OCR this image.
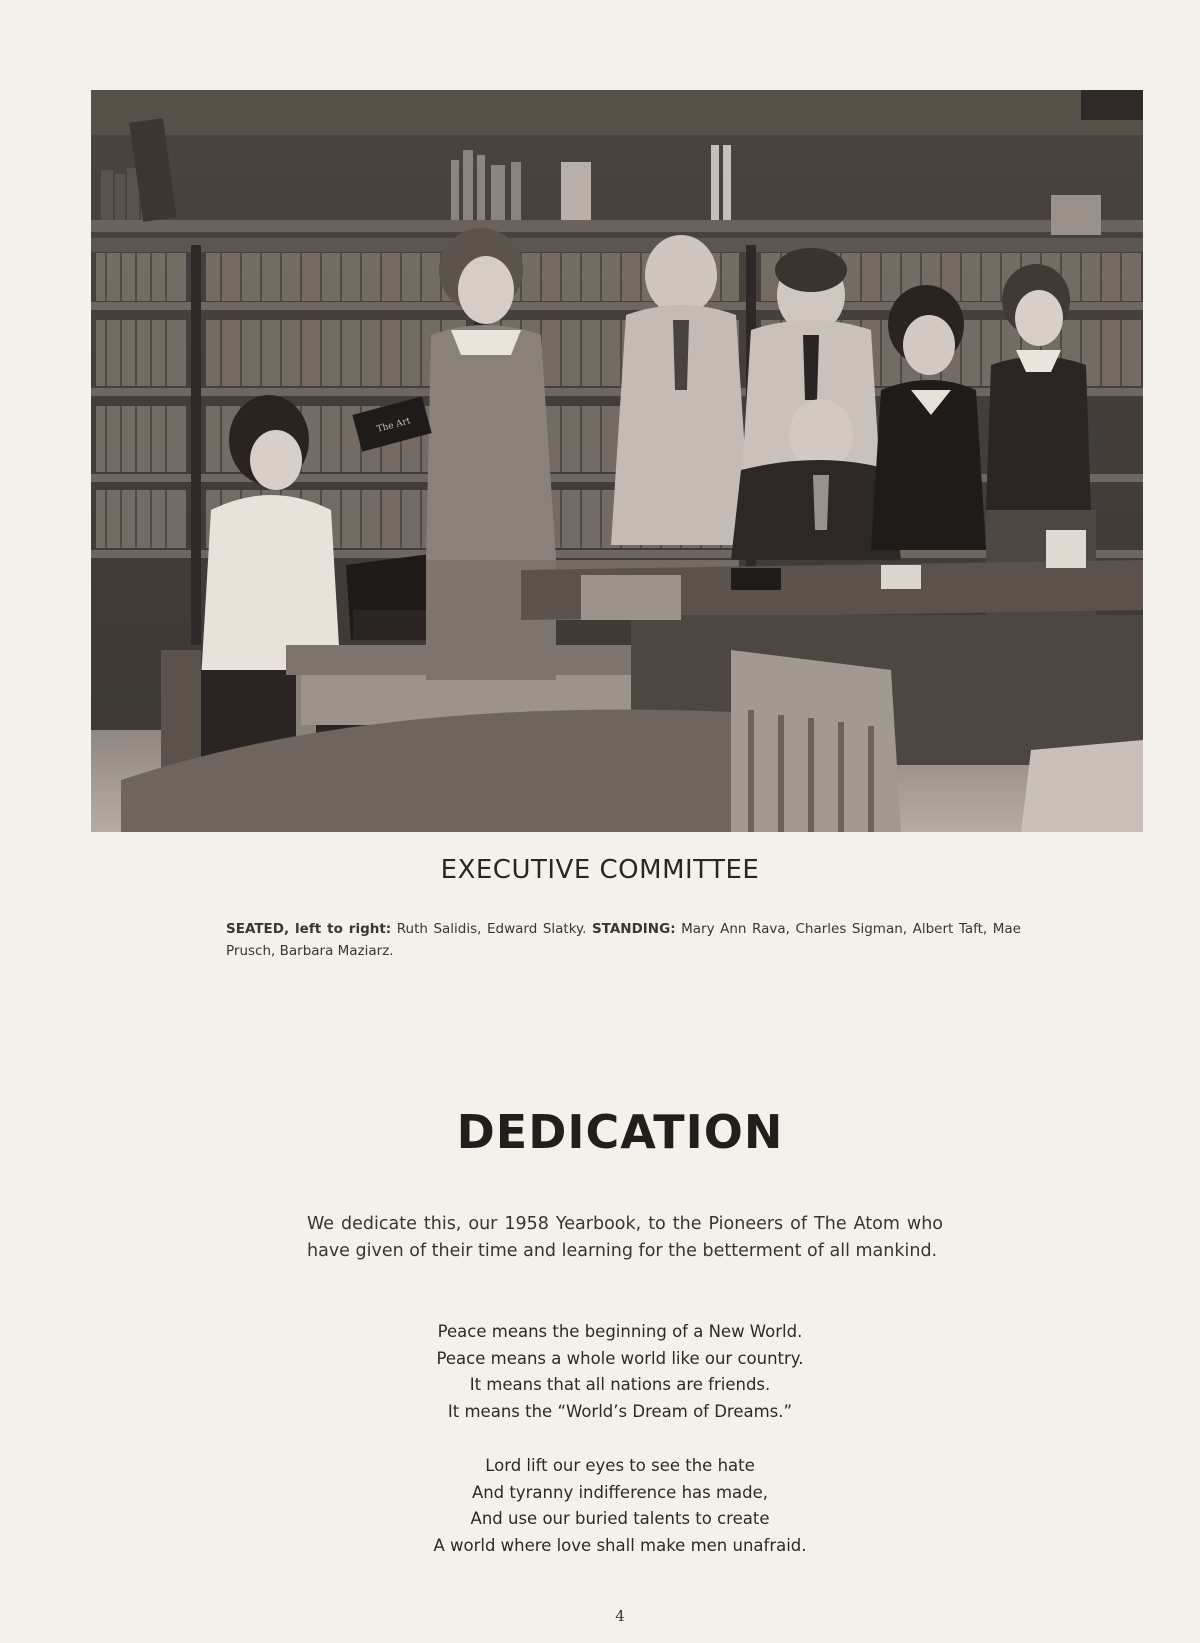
The Art
EXECUTIVE COMMITTEE
SEATED, left to right: Ruth Salidis, Edward Slatky. STANDING: Mary Ann Rava, Charles Sigman, Albert Taft, Mae Prusch, Barbara Maziarz.
DEDICATION
We dedicate this, our 1958 Yearbook, to the Pioneers of The Atom who have given of their time and learning for the betterment of all mankind.
Peace means the beginning of a New World.
Peace means a whole world like our country.
It means that all nations are friends.
It means the “World’s Dream of Dreams.”
Lord lift our eyes to see the hate
And tyranny indifference has made,
And use our buried talents to create
A world where love shall make men unafraid.
4
